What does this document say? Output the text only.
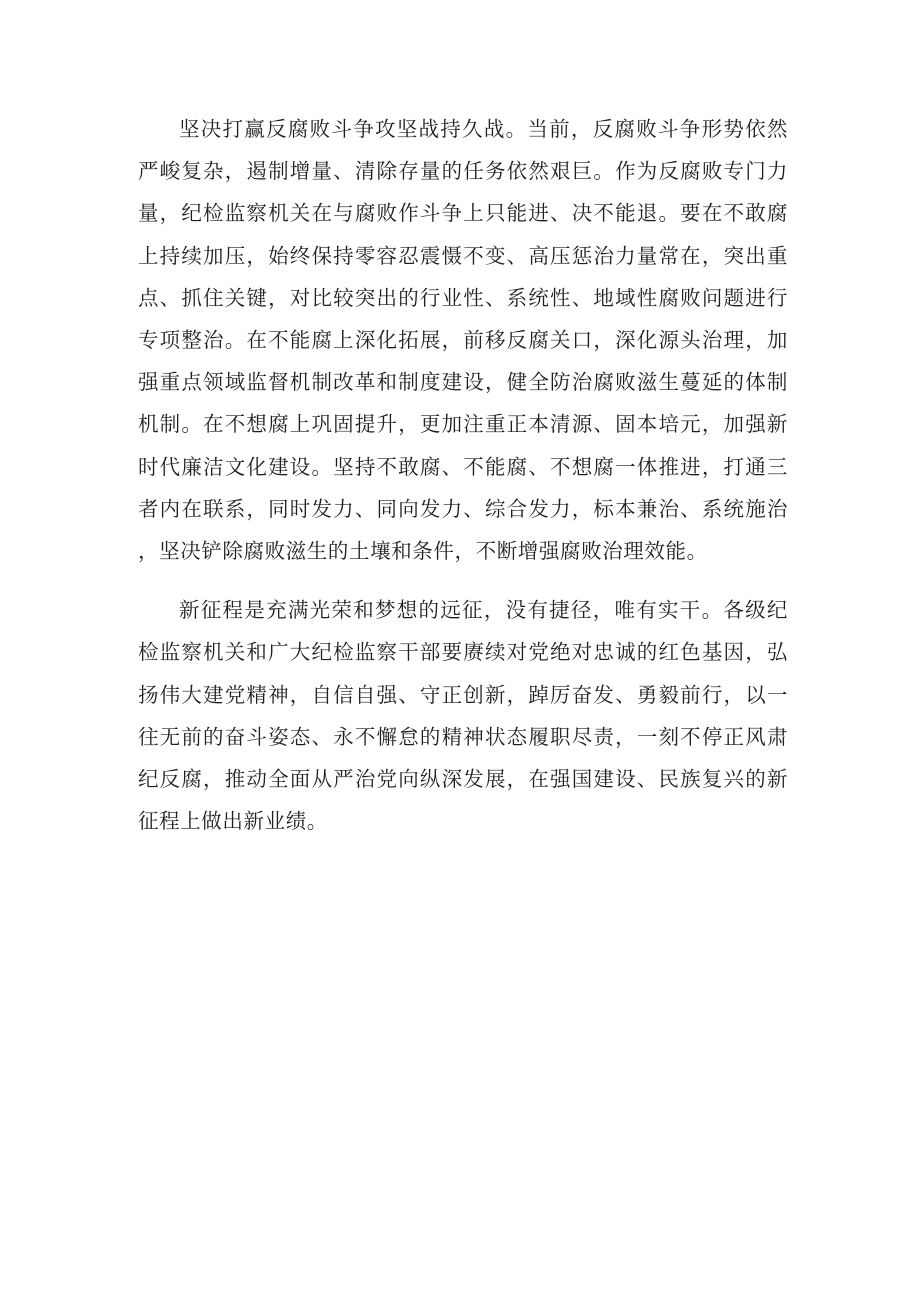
坚决打赢反腐败斗争攻坚战持久战。当前，反腐败斗争形势依然严峻复杂，遏制增量、清除存量的任务依然艰巨。作为反腐败专门力量，纪检监察机关在与腐败作斗争上只能进、决不能退。要在不敢腐上持续加压，始终保持零容忍震慑不变、高压惩治力量常在，突出重点、抓住关键，对比较突出的行业性、系统性、地域性腐败问题进行专项整治。在不能腐上深化拓展，前移反腐关口，深化源头治理，加强重点领域监督机制改革和制度建设，健全防治腐败滋生蔓延的体制机制。在不想腐上巩固提升，更加注重正本清源、固本培元，加强新时代廉洁文化建设。坚持不敢腐、不能腐、不想腐一体推进，打通三者内在联系，同时发力、同向发力、综合发力，标本兼治、系统施治，坚决铲除腐败滋生的土壤和条件，不断增强腐败治理效能。

新征程是充满光荣和梦想的远征，没有捷径，唯有实干。各级纪检监察机关和广大纪检监察干部要赓续对党绝对忠诚的红色基因，弘扬伟大建党精神，自信自强、守正创新，踔厉奋发、勇毅前行，以一往无前的奋斗姿态、永不懈怠的精神状态履职尽责，一刻不停正风肃纪反腐，推动全面从严治党向纵深发展，在强国建设、民族复兴的新征程上做出新业绩。
